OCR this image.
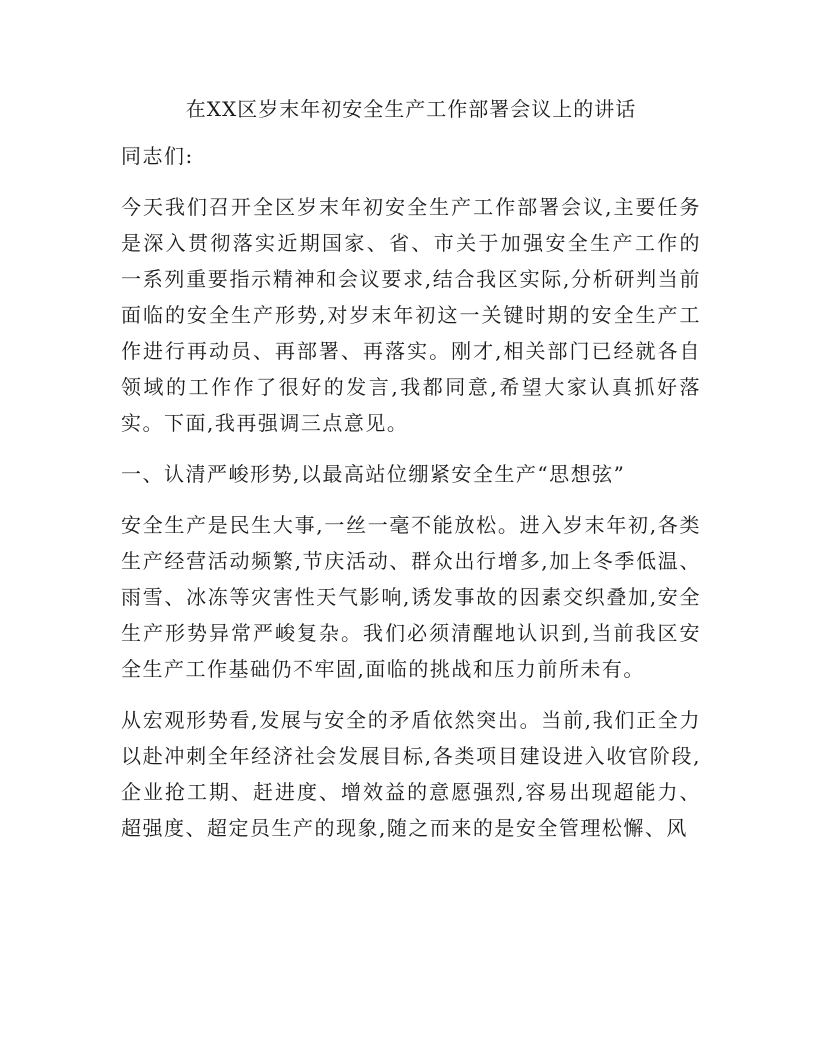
在XX区岁末年初安全生产工作部署会议上的讲话

同志们:

今天我们召开全区岁末年初安全生产工作部署会议,主要任务是深入贯彻落实近期国家、省、市关于加强安全生产工作的一系列重要指示精神和会议要求,结合我区实际,分析研判当前面临的安全生产形势,对岁末年初这一关键时期的安全生产工作进行再动员、再部署、再落实。刚才,相关部门已经就各自领域的工作作了很好的发言,我都同意,希望大家认真抓好落实。下面,我再强调三点意见。

一、认清严峻形势,以最高站位绷紧安全生产“思想弦”

安全生产是民生大事,一丝一毫不能放松。进入岁末年初,各类生产经营活动频繁,节庆活动、群众出行增多,加上冬季低温、雨雪、冰冻等灾害性天气影响,诱发事故的因素交织叠加,安全生产形势异常严峻复杂。我们必须清醒地认识到,当前我区安全生产工作基础仍不牢固,面临的挑战和压力前所未有。

从宏观形势看,发展与安全的矛盾依然突出。当前,我们正全力以赴冲刺全年经济社会发展目标,各类项目建设进入收官阶段,企业抢工期、赶进度、增效益的意愿强烈,容易出现超能力、超强度、超定员生产的现象,随之而来的是安全管理松懈、风
